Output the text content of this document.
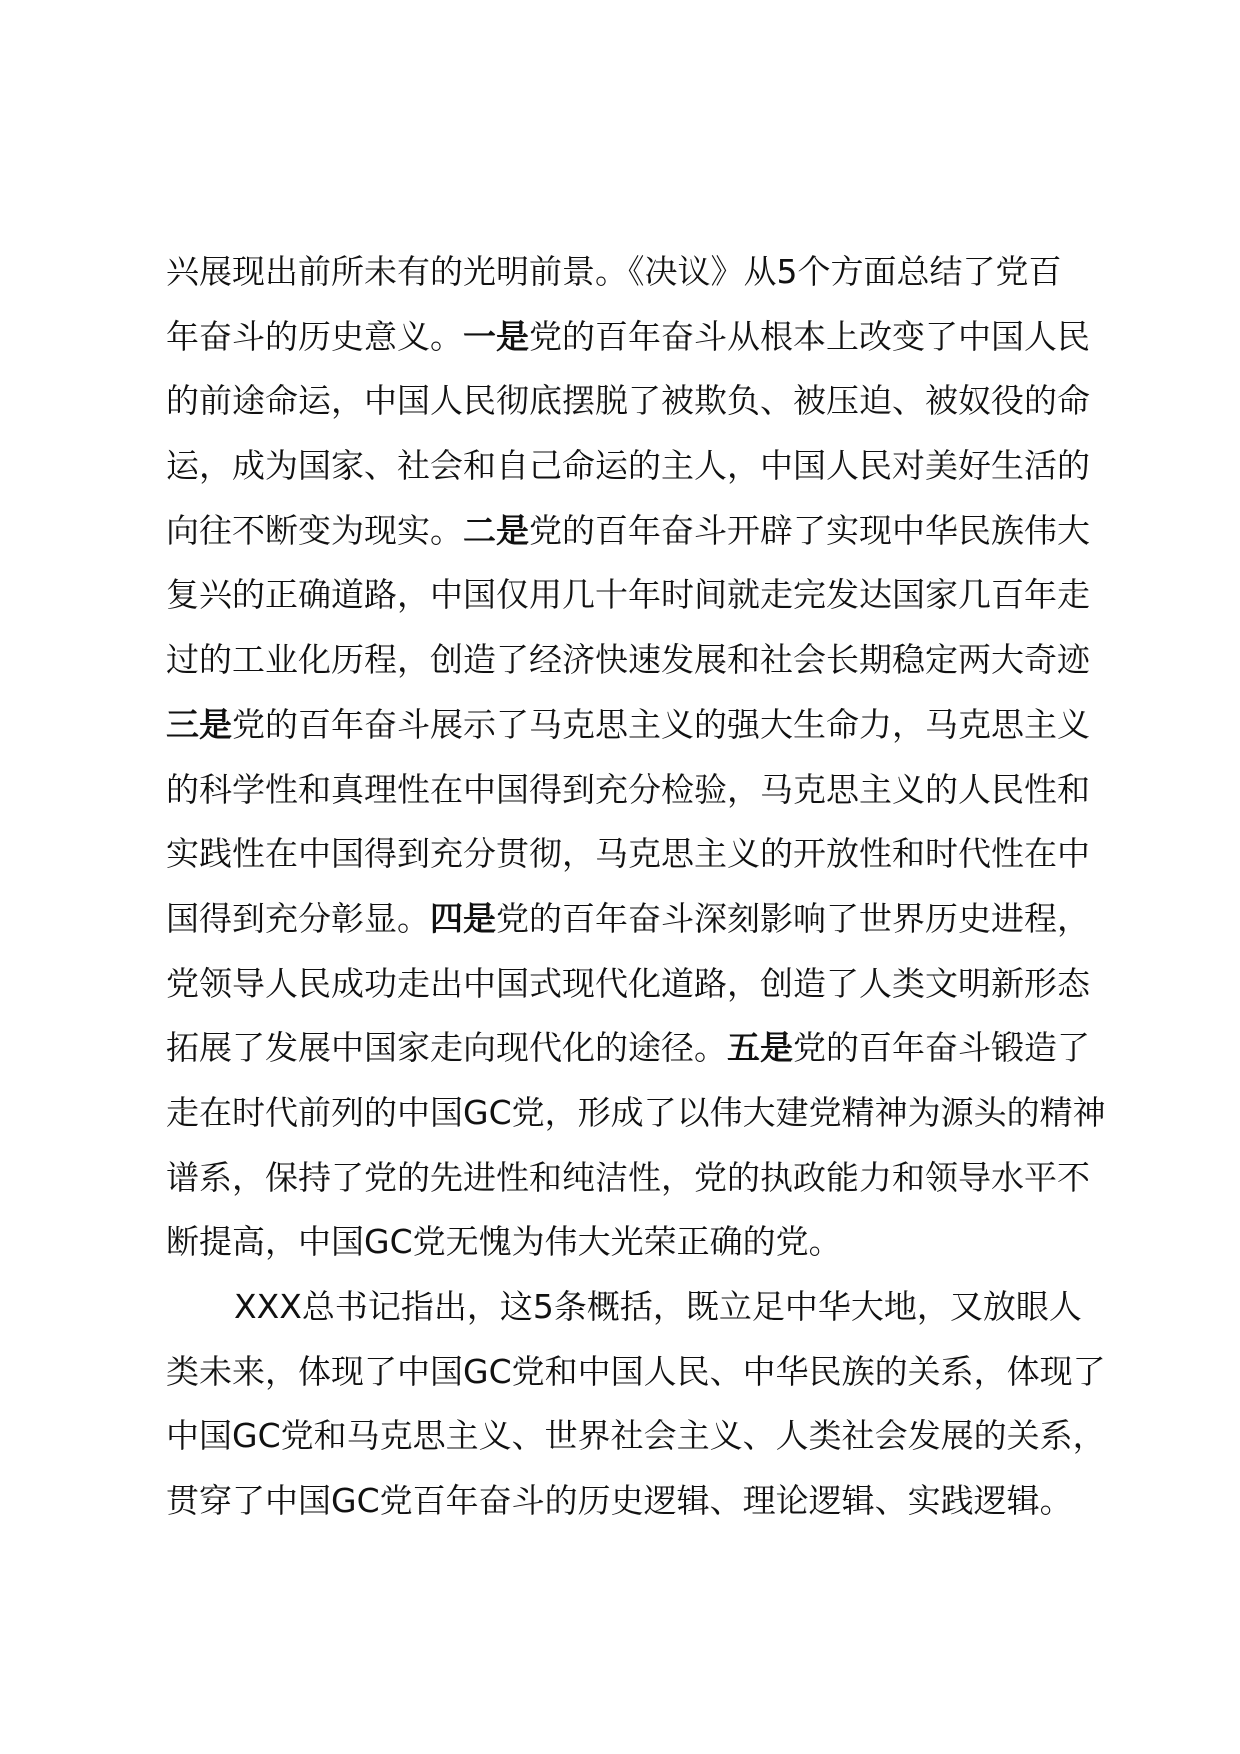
兴展现出前所未有的光明前景。《决议》从5个方面总结了党百
年奋斗的历史意义。一是党的百年奋斗从根本上改变了中国人民
的前途命运，中国人民彻底摆脱了被欺负、被压迫、被奴役的命
运，成为国家、社会和自己命运的主人，中国人民对美好生活的
向往不断变为现实。二是党的百年奋斗开辟了实现中华民族伟大
复兴的正确道路，中国仅用几十年时间就走完发达国家几百年走
过的工业化历程，创造了经济快速发展和社会长期稳定两大奇迹
三是党的百年奋斗展示了马克思主义的强大生命力，马克思主义
的科学性和真理性在中国得到充分检验，马克思主义的人民性和
实践性在中国得到充分贯彻，马克思主义的开放性和时代性在中
国得到充分彰显。四是党的百年奋斗深刻影响了世界历史进程，
党领导人民成功走出中国式现代化道路，创造了人类文明新形态
拓展了发展中国家走向现代化的途径。五是党的百年奋斗锻造了
走在时代前列的中国GC党，形成了以伟大建党精神为源头的精神
谱系，保持了党的先进性和纯洁性，党的执政能力和领导水平不
断提高，中国GC党无愧为伟大光荣正确的党。
XXX总书记指出，这5条概括，既立足中华大地，又放眼人
类未来，体现了中国GC党和中国人民、中华民族的关系，体现了
中国GC党和马克思主义、世界社会主义、人类社会发展的关系，
贯穿了中国GC党百年奋斗的历史逻辑、理论逻辑、实践逻辑。
